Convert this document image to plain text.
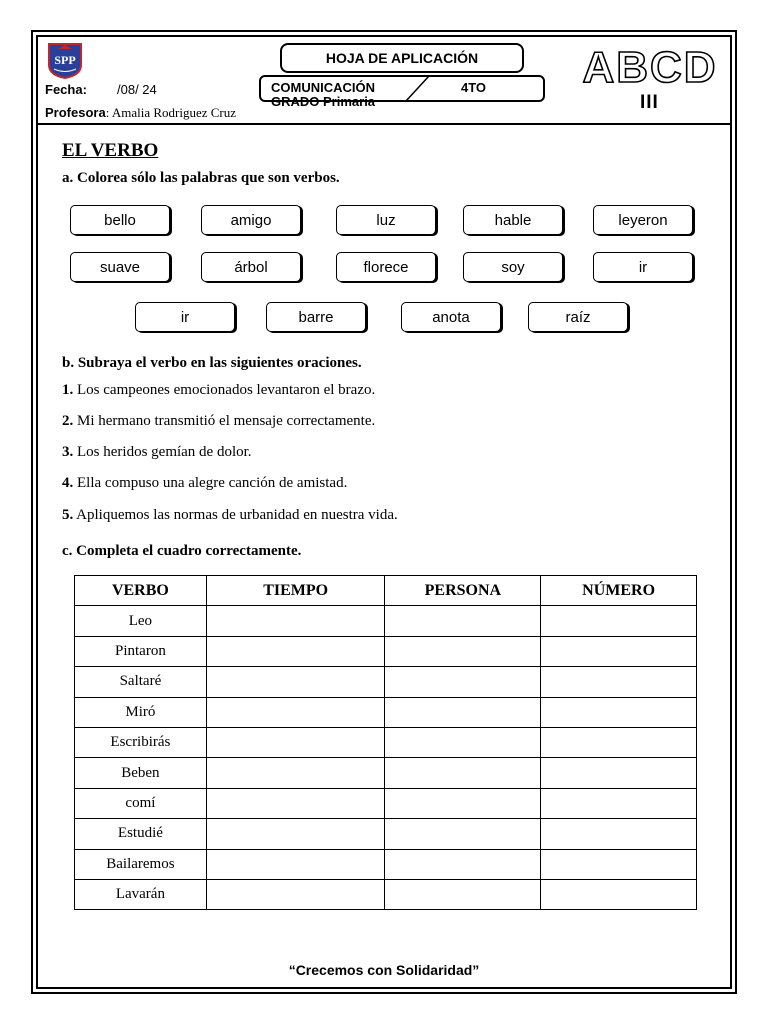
SPP
Fecha: /08/ 24
Profesora: Amalia Rodriguez Cruz
COMUNICACIÓN
GRADO Primaria
4TO
HOJA DE APLICACIÓN	ABCD
III
EL VERBO
a. Colorea sólo las palabras que son verbos.
bello	amigo	luz	hable	leyeron
suave	árbol	florece	soy	ir
ir	barre	anota	raíz
b. Subraya el verbo en las siguientes oraciones.
1. Los campeones emocionados levantaron el brazo.
2. Mi hermano transmitió el mensaje correctamente.
3. Los heridos gemían de dolor.
4. Ella compuso una alegre canción de amistad.
5. Apliquemos las normas de urbanidad en nuestra vida.
c. Completa el cuadro correctamente.
VERBO	TIEMPO	PERSONA	NÚMERO
Leo			
Pintaron			
Saltaré			
Miró			
Escribirás			
Beben			
comí			
Estudié			
Bailaremos			
Lavarán			
“Crecemos con Solidaridad”
